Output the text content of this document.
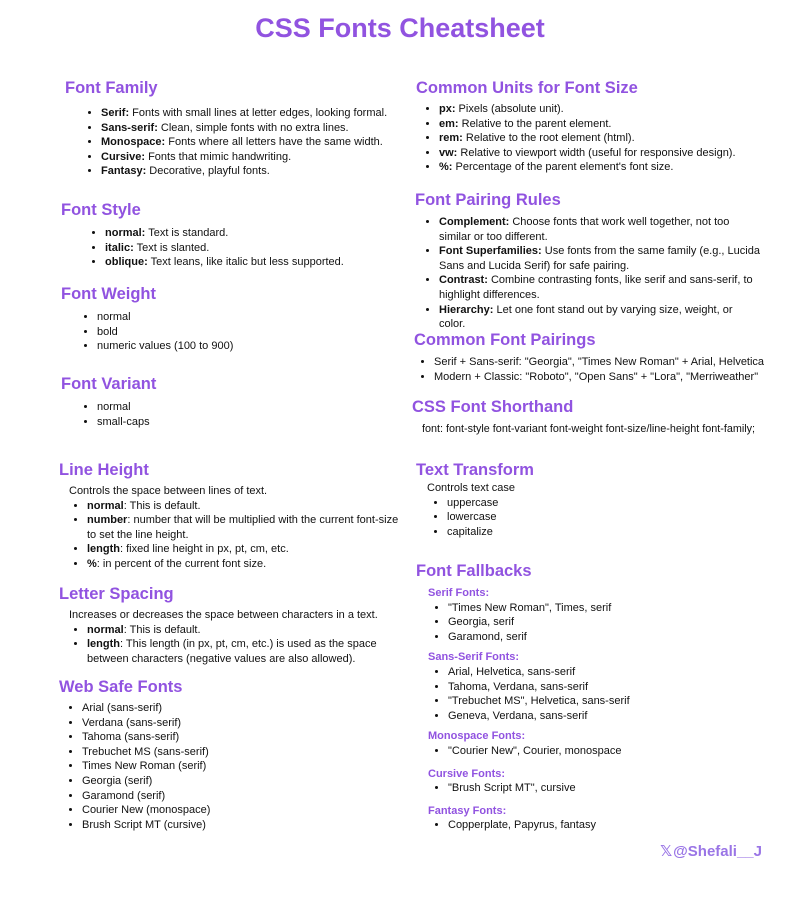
CSS Fonts Cheatsheet
Font Family
• Serif: Fonts with small lines at letter edges, looking formal.
• Sans-serif: Clean, simple fonts with no extra lines.
• Monospace: Fonts where all letters have the same width.
• Cursive: Fonts that mimic handwriting.
• Fantasy: Decorative, playful fonts.
Font Style
• normal: Text is standard.
• italic: Text is slanted.
• oblique: Text leans, like italic but less supported.
Font Weight
• normal
• bold
• numeric values (100 to 900)
Font Variant
• normal
• small-caps
Line Height

Controls the space between lines of text.

• normal: This is default.
• number: number that will be multiplied with the current font-size to set the line height.
• length: fixed line height in px, pt, cm, etc.
• %: in percent of the current font size.
Letter Spacing

Increases or decreases the space between characters in a text.

• normal: This is default.
• length: This length (in px, pt, cm, etc.) is used as the space between characters (negative values are also allowed).
Web Safe Fonts
• Arial (sans-serif)
• Verdana (sans-serif)
• Tahoma (sans-serif)
• Trebuchet MS (sans-serif)
• Times New Roman (serif)
• Georgia (serif)
• Garamond (serif)
• Courier New (monospace)
• Brush Script MT (cursive)
Common Units for Font Size
• px: Pixels (absolute unit).
• em: Relative to the parent element.
• rem: Relative to the root element (html).
• vw: Relative to viewport width (useful for responsive design).
• %: Percentage of the parent element's font size.
Font Pairing Rules
• Complement: Choose fonts that work well together, not too similar or too different.
• Font Superfamilies: Use fonts from the same family (e.g., Lucida Sans and Lucida Serif) for safe pairing.
• Contrast: Combine contrasting fonts, like serif and sans-serif, to highlight differences.
• Hierarchy: Let one font stand out by varying size, weight, or color.
Common Font Pairings
• Serif + Sans-serif: "Georgia", "Times New Roman" + Arial, Helvetica
• Modern + Classic: "Roboto", "Open Sans" + "Lora", "Merriweather"
CSS Font Shorthand

font: font-style font-variant font-weight font-size/line-height font-family;

Text Transform

Controls text case

• uppercase
• lowercase
• capitalize
Font Fallbacks

Serif Fonts:

• "Times New Roman", Times, serif
• Georgia, serif
• Garamond, serif

Sans-Serif Fonts:

• Arial, Helvetica, sans-serif
• Tahoma, Verdana, sans-serif
• "Trebuchet MS", Helvetica, sans-serif
• Geneva, Verdana, sans-serif

Monospace Fonts:

• "Courier New", Courier, monospace

Cursive Fonts:

• "Brush Script MT", cursive

Fantasy Fonts:

• Copperplate, Papyrus, fantasy
𝕏@Shefali__J
